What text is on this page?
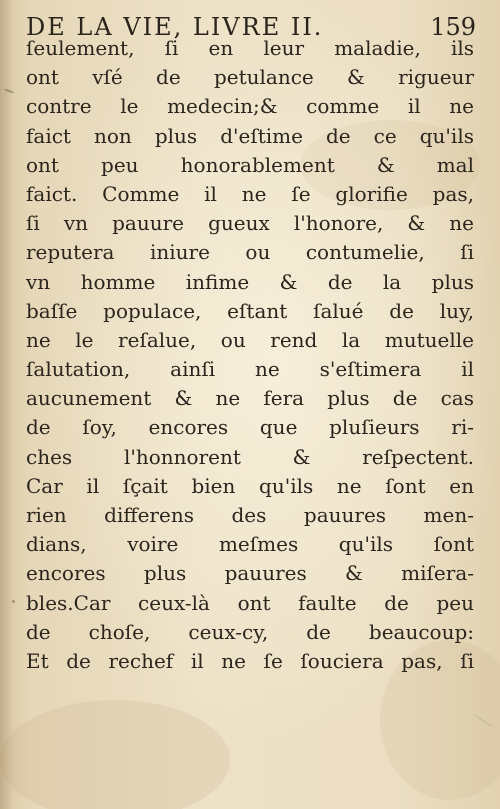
DE LA VIE, LIVRE II.	159
ſeulement, ſi en leur maladie, ils
ont vſé de petulance & rigueur
contre le medecin;& comme il ne
faict non plus d'eſtime de ce qu'ils
ont peu honorablement & mal
faict. Comme il ne ſe glorifie pas,
ſi vn pauure gueux l'honore, & ne
reputera iniure ou contumelie, ſi
vn homme infime & de la plus
baſſe populace, eſtant ſalué de luy,
ne le reſalue, ou rend la mutuelle
ſalutation, ainſi ne s'eſtimera il
aucunement & ne fera plus de cas
de ſoy, encores que pluſieurs ri-
ches l'honnorent & reſpectent.
Car il ſçait bien qu'ils ne ſont en
rien differens des pauures men-
dians, voire meſmes qu'ils ſont
encores plus pauures & miſera-
bles.Car ceux-là ont faulte de peu
de choſe, ceux-cy, de beaucoup:
Et de rechef il ne ſe ſouciera pas, ſi
